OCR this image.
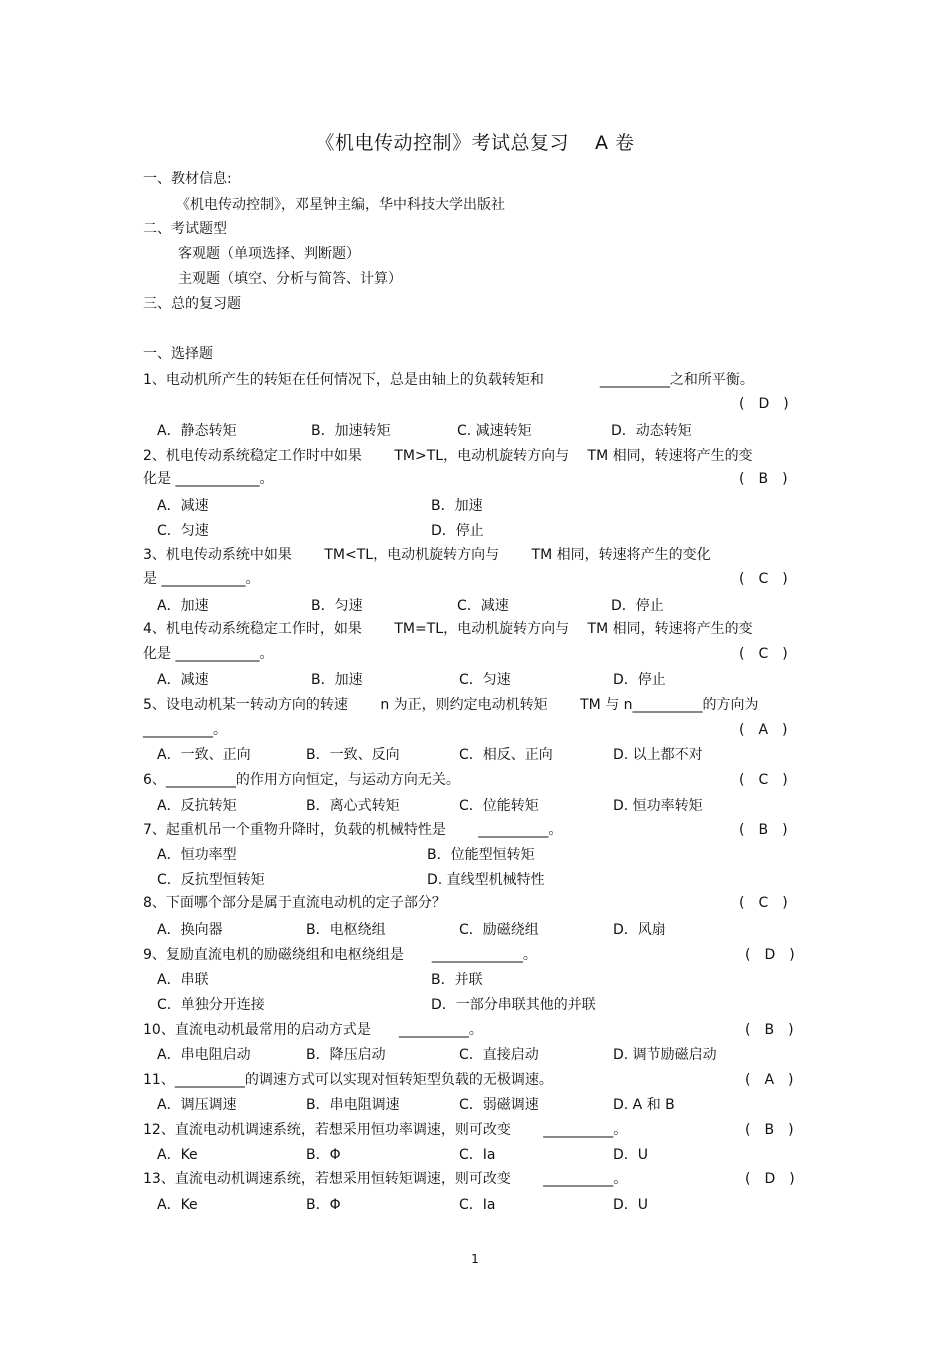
《机电传动控制》考试总复习　 A 卷
一、教材信息:
《机电传动控制》，邓星钟主编，华中科技大学出版社
二、考试题型
客观题（单项选择、判断题）
主观题（填空、分析与简答、计算）
三、总的复习题
一、选择题
1、电动机所产生的转矩在任何情况下，总是由轴上的负载转矩和　　　　__________之和所平衡。
(　D　)
A．静态转矩	B．加速转矩	C. 减速转矩	D．动态转矩
2、机电传动系统稳定工作时中如果　　 TM>TL，电动机旋转方向与　 TM 相同，转速将产生的变
化是 ____________。	(　B　)
A．减速	B．加速
C．匀速	D．停止
3、机电传动系统中如果　　 TM<TL，电动机旋转方向与　　 TM 相同，转速将产生的变化
是 ____________。	(　C　)
A．加速	B．匀速	C．减速	D．停止
4、机电传动系统稳定工作时，如果　　 TM=TL，电动机旋转方向与　 TM 相同，转速将产生的变
化是 ____________。	(　C　)
A．减速	B．加速	C．匀速	D．停止
5、设电动机某一转动方向的转速　　 n 为正，则约定电动机转矩　　 TM 与 n__________的方向为
__________。	(　A　)
A．一致、正向	B．一致、反向	C．相反、正向	D. 以上都不对
6、__________的作用方向恒定，与运动方向无关。	(　C　)
A．反抗转矩	B．离心式转矩	C．位能转矩	D. 恒功率转矩
7、起重机吊一个重物升降时，负载的机械特性是　　 __________。	(　B　)
A．恒功率型	B．位能型恒转矩
C．反抗型恒转矩	D. 直线型机械特性
8、下面哪个部分是属于直流电动机的定子部分？	(　C　)
A．换向器	B．电枢绕组	C．励磁绕组	D．风扇
9、复励直流电机的励磁绕组和电枢绕组是　　_____________。	(　D　)
A．串联	B．并联
C．单独分开连接	D．一部分串联其他的并联
10、直流电动机最常用的启动方式是　　__________。	(　B　)
A．串电阻启动	B．降压启动	C．直接启动	D. 调节励磁启动
11、__________的调速方式可以实现对恒转矩型负载的无极调速。	(　A　)
A．调压调速	B．串电阻调速	C．弱磁调速	D. A 和 B
12、直流电动机调速系统，若想采用恒功率调速，则可改变　　 __________。	(　B　)
A．Ke	B．Φ	C．Ia	D．U
13、直流电动机调速系统，若想采用恒转矩调速，则可改变　　 __________。	(　D　)
A．Ke	B．Φ	C．Ia	D．U
1
